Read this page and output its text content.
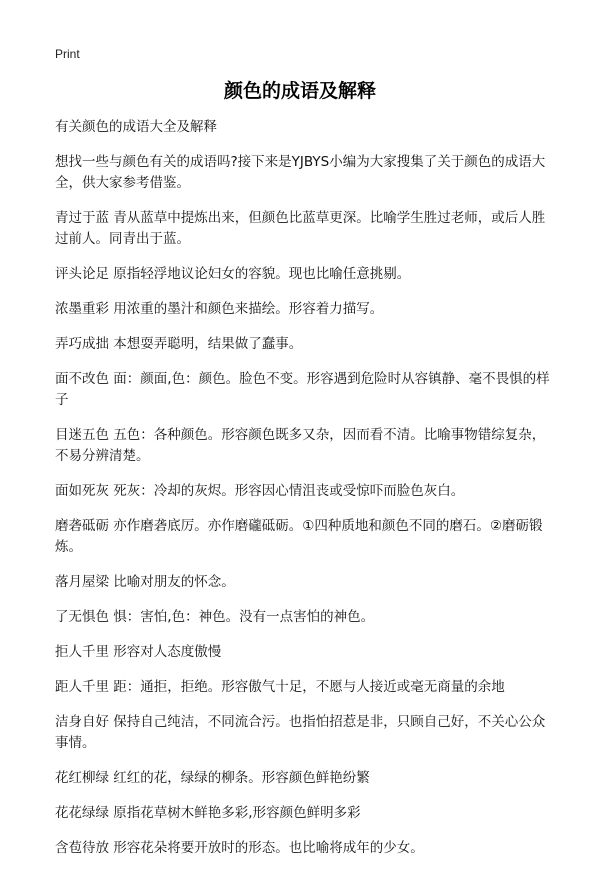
Print
颜色的成语及解释

有关颜色的成语大全及解释

想找一些与颜色有关的成语吗?接下来是YJBYS小编为大家搜集了关于颜色的成语大全，供大家参考借鉴。

青过于蓝 青从蓝草中提炼出来，但颜色比蓝草更深。比喻学生胜过老师，或后人胜过前人。同青出于蓝。

评头论足 原指轻浮地议论妇女的容貌。现也比喻任意挑剔。

浓墨重彩 用浓重的墨汁和颜色来描绘。形容着力描写。

弄巧成拙 本想耍弄聪明，结果做了蠢事。

面不改色 面：颜面,色：颜色。脸色不变。形容遇到危险时从容镇静、毫不畏惧的样子

目迷五色 五色：各种颜色。形容颜色既多又杂，因而看不清。比喻事物错综复杂，不易分辨清楚。

面如死灰 死灰：冷却的灰烬。形容因心情沮丧或受惊吓而脸色灰白。

磨砻砥砺 亦作磨砻底厉。亦作磨礲砥砺。①四种质地和颜色不同的磨石。②磨砺锻炼。

落月屋梁 比喻对朋友的怀念。

了无惧色 惧：害怕,色：神色。没有一点害怕的神色。

拒人千里 形容对人态度傲慢

距人千里 距：通拒，拒绝。形容傲气十足，不愿与人接近或毫无商量的余地

洁身自好 保持自己纯洁，不同流合污。也指怕招惹是非，只顾自己好，不关心公众事情。

花红柳绿 红红的花，绿绿的柳条。形容颜色鲜艳纷繁

花花绿绿 原指花草树木鲜艳多彩,形容颜色鲜明多彩

含苞待放 形容花朵将要开放时的形态。也比喻将成年的少女。
